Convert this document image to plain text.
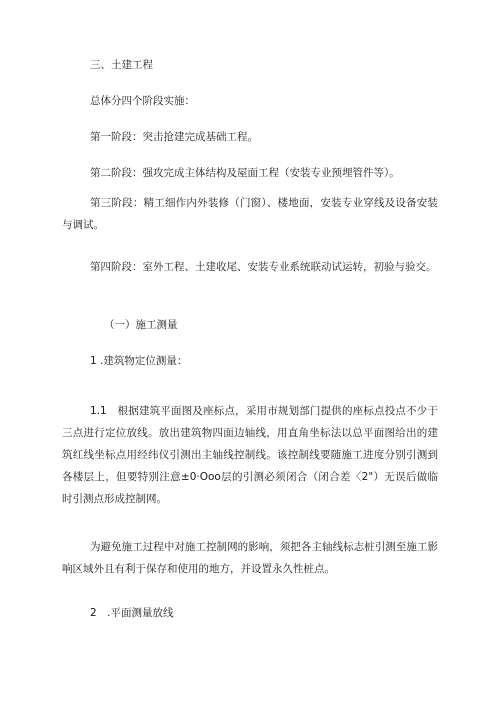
三、土建工程
总体分四个阶段实施：
第一阶段：突击抢建完成基础工程。
第二阶段：强攻完成主体结构及屋面工程（安装专业预埋管件等）。
第三阶段：精工细作内外装修（门窗）、楼地面，安装专业穿线及设备安装与调试。
第四阶段：室外工程、土建收尾、安装专业系统联动试运转，初验与验交。
（一）施工测量
1 .建筑物定位测量：
1.1　根据建筑平面图及座标点，采用市规划部门提供的座标点投点不少于三点进行定位放线。放出建筑物四面边轴线，用直角坐标法以总平面图给出的建筑红线坐标点用经纬仪引测出主轴线控制线。该控制线要随施工进度分别引测到各楼层上，但要特别注意±0·Ooo层的引测必须闭合（闭合差〈2"）无误后做临时引测点形成控制网。
为避免施工过程中对施工控制网的影响，须把各主轴线标志桩引测至施工影响区域外且有利于保存和使用的地方，并设置永久性桩点。
2　.平面测量放线
